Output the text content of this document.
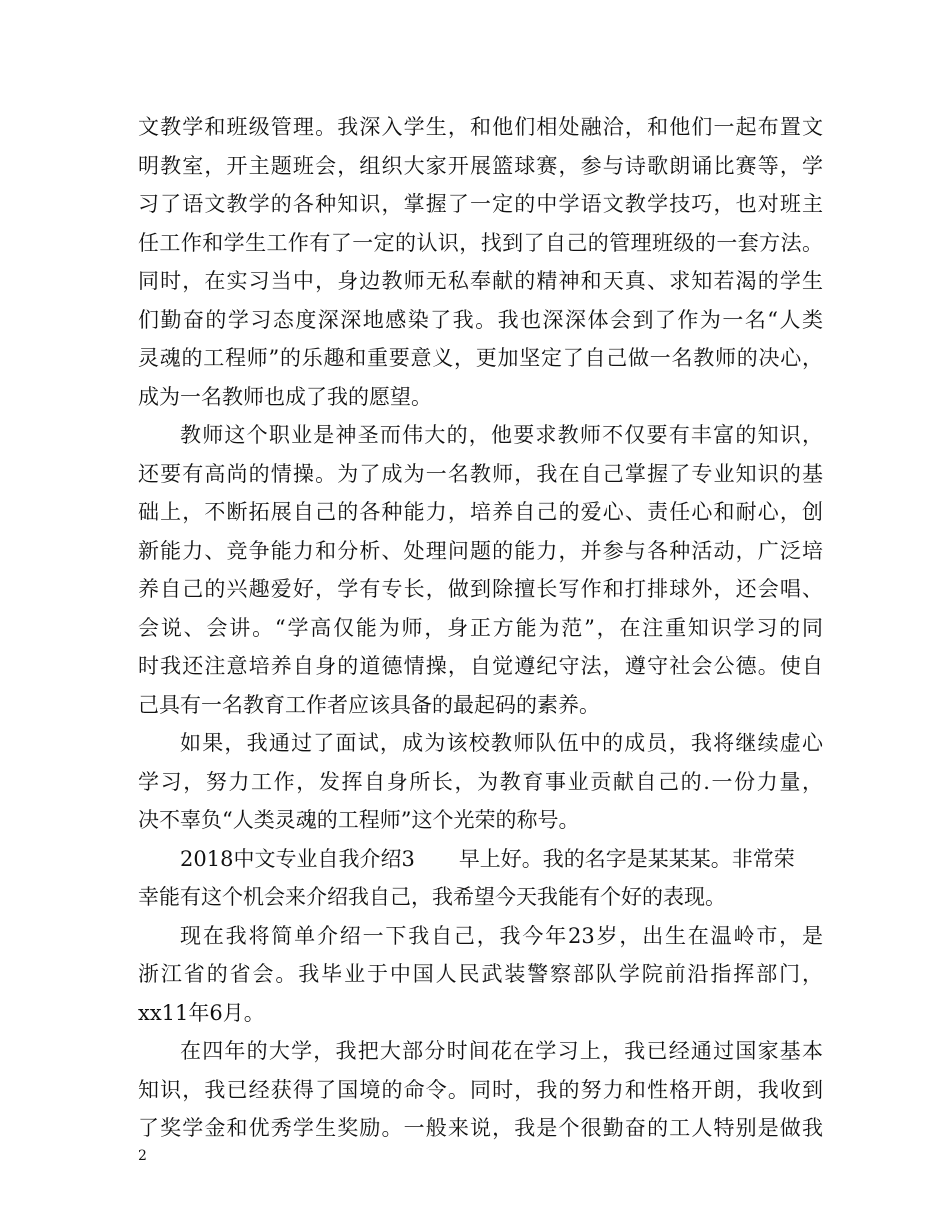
文教学和班级管理。我深入学生，和他们相处融洽，和他们一起布置文
明教室，开主题班会，组织大家开展篮球赛，参与诗歌朗诵比赛等，学
习了语文教学的各种知识，掌握了一定的中学语文教学技巧，也对班主
任工作和学生工作有了一定的认识，找到了自己的管理班级的一套方法。
同时，在实习当中，身边教师无私奉献的精神和天真、求知若渴的学生
们勤奋的学习态度深深地感染了我。我也深深体会到了作为一名“人类
灵魂的工程师”的乐趣和重要意义，更加坚定了自己做一名教师的决心，
成为一名教师也成了我的愿望。
教师这个职业是神圣而伟大的，他要求教师不仅要有丰富的知识，
还要有高尚的情操。为了成为一名教师，我在自己掌握了专业知识的基
础上，不断拓展自己的各种能力，培养自己的爱心、责任心和耐心，创
新能力、竞争能力和分析、处理问题的能力，并参与各种活动，广泛培
养自己的兴趣爱好，学有专长，做到除擅长写作和打排球外，还会唱、
会说、会讲。“学高仅能为师，身正方能为范”，在注重知识学习的同
时我还注意培养自身的道德情操，自觉遵纪守法，遵守社会公德。使自
己具有一名教育工作者应该具备的最起码的素养。
如果，我通过了面试，成为该校教师队伍中的成员，我将继续虚心
学习，努力工作，发挥自身所长，为教育事业贡献自己的.一份力量，
决不辜负“人类灵魂的工程师”这个光荣的称号。
2018中文专业自我介绍3 早上好。我的名字是某某某。非常荣
幸能有这个机会来介绍我自己，我希望今天我能有个好的表现。
现在我将简单介绍一下我自己，我今年23岁，出生在温岭市，是
浙江省的省会。我毕业于中国人民武装警察部队学院前沿指挥部门，
xx11年6月。
在四年的大学，我把大部分时间花在学习上，我已经通过国家基本
知识，我已经获得了国境的命令。同时，我的努力和性格开朗，我收到
了奖学金和优秀学生奖励。一般来说，我是个很勤奋的工人特别是做我
2
